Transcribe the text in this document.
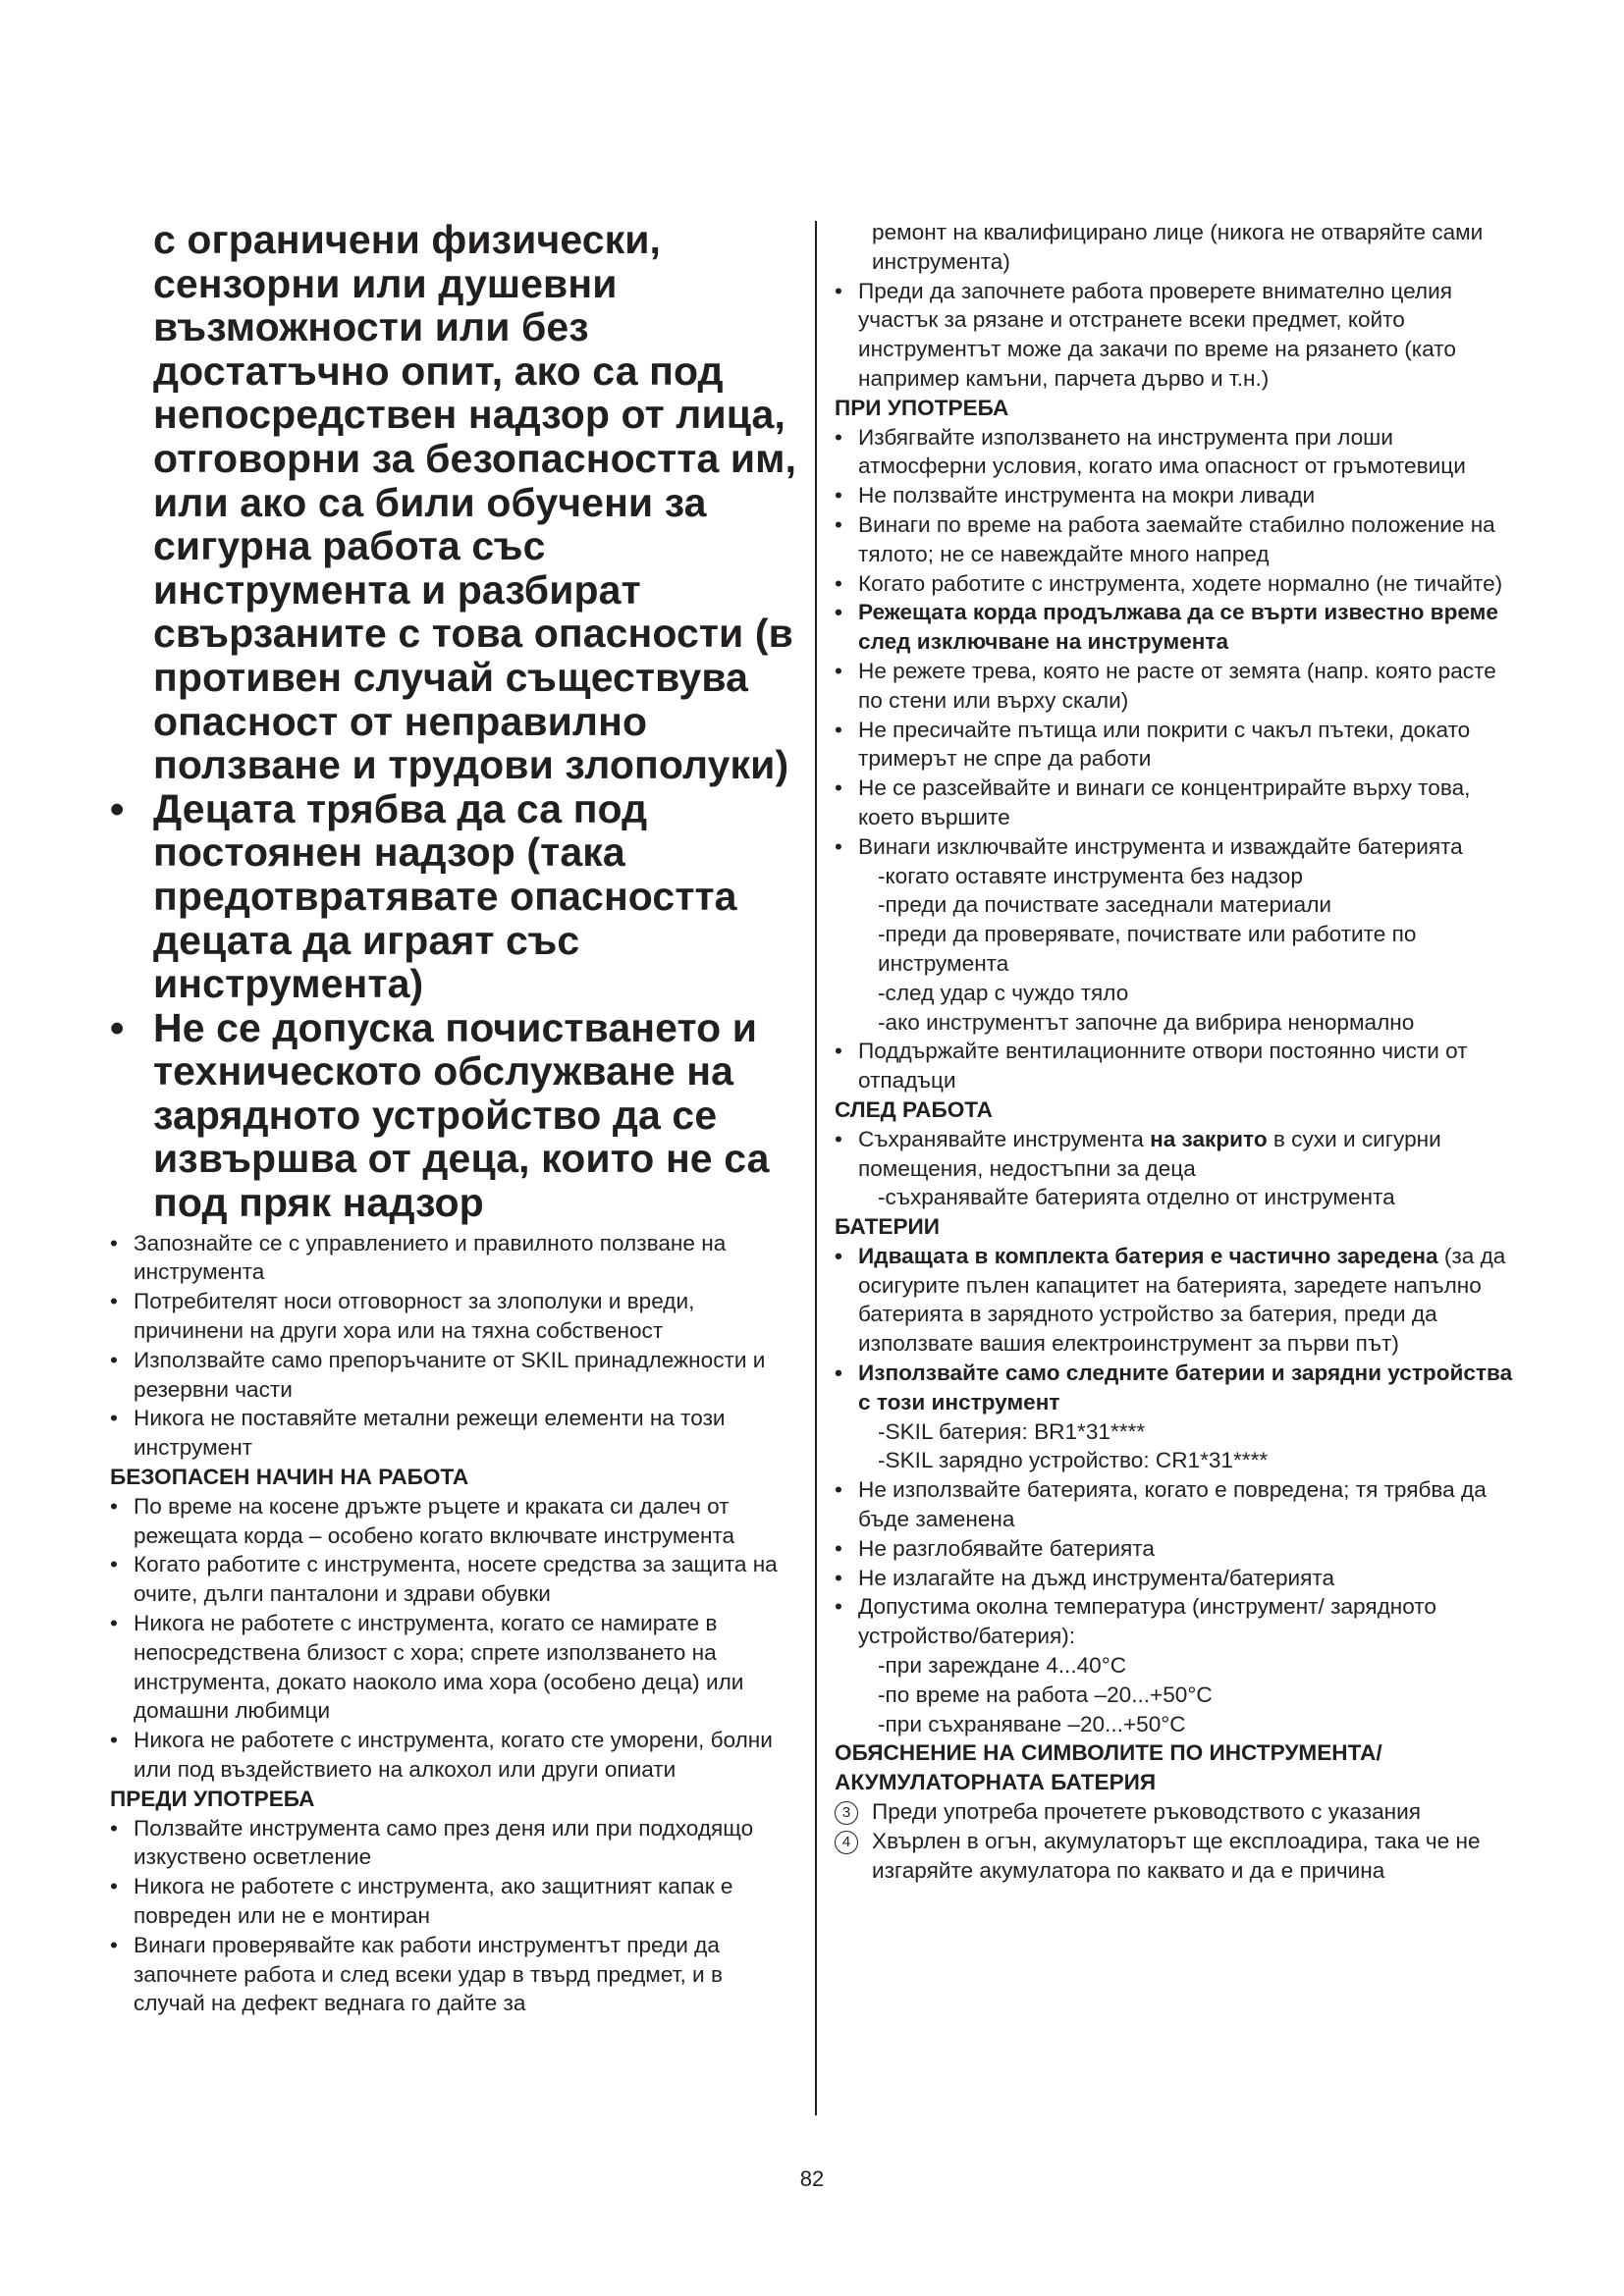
с ограничени физически, сензорни или душевни възможности или без достатъчно опит, ако са под непосредствен надзор от лица, отговорни за безопасността им, или ако са били обучени за сигурна работа със инструмента и разбират свързаните с това опасности (в противен случай съществува опасност от неправилно ползване и трудови злополуки)
• Децата трябва да са под постоянен надзор (така предотвратявате опасността децата да играят със инструмента)
• Не се допуска почистването и техническото обслужване на зарядното устройство да се извършва от деца, които не са под пряк надзор
• Запознайте се с управлението и правилното ползване на инструмента
• Потребителят носи отговорност за злополуки и вреди, причинени на други хора или на тяхна собственост
• Използвайте само препоръчаните от SKIL принадлежности и резервни части
• Никога не поставяйте метални режещи елементи на този инструмент

БЕЗОПАСЕН НАЧИН НА РАБОТА

• По време на косене дръжте ръцете и краката си далеч от режещата корда – особено когато включвате инструмента
• Когато работите с инструмента, носете средства за защита на очите, дълги панталони и здрави обувки
• Никога не работете с инструмента, когато се намирате в непосредствена близост с хора; спрете използването на инструмента, докато наоколо има хора (особено деца) или домашни любимци
• Никога не работете с инструмента, когато сте уморени, болни или под въздействието на алкохол или други опиати

ПРЕДИ УПОТРЕБА

• Ползвайте инструмента само през деня или при подходящо изкуствено осветление
• Никога не работете с инструмента, ако защитният капак е повреден или не е монтиран
• Винаги проверявайте как работи инструментът преди да започнете работа и след всеки удар в твърд предмет, и в случай на дефект веднага го дайте за

ремонт на квалифицирано лице (никога не отваряйте сами инструмента)

• Преди да започнете работа проверете внимателно целия участък за рязане и отстранете всеки предмет, който инструментът може да закачи по време на рязането (като например камъни, парчета дърво и т.н.)

ПРИ УПОТРЕБА

• Избягвайте използването на инструмента при лоши атмосферни условия, когато има опасност от гръмотевици
• Не ползвайте инструмента на мокри ливади
• Винаги по време на работа заемайте стабилно положение на тялото; не се навеждайте много напред
• Когато работите с инструмента, ходете нормално (не тичайте)
• Режещата корда продължава да се върти известно време след изключване на инструмента
• Не режете трева, която не расте от земята (напр. която расте по стени или върху скали)
• Не пресичайте пътища или покрити с чакъл пътеки, докато тримерът не спре да работи
• Не се разсейвайте и винаги се концентрирайте върху това, което вършите
• Винаги изключвайте инструмента и изваждайте батерията

-когато оставяте инструмента без надзор

-преди да почиствате заседнали материали

-преди да проверявате, почиствате или работите по инструмента

-след удар с чуждо тяло

-ако инструментът започне да вибрира ненормално

• Поддържайте вентилационните отвори постоянно чисти от отпадъци

СЛЕД РАБОТА

• Съхранявайте инструмента на закрито в сухи и сигурни помещения, недостъпни за деца

-съхранявайте батерията отделно от инструмента

БАТЕРИИ

• Идващата в комплекта батерия е частично заредена (за да осигурите пълен капацитет на батерията, заредете напълно батерията в зарядното устройство за батерия, преди да използвате вашия електроинструмент за първи път)
• Използвайте само следните батерии и зарядни устройства с този инструмент

-SKIL батерия: BR1*31****

-SKIL зарядно устройство: CR1*31****

• Не използвайте батерията, когато е повредена; тя трябва да бъде заменена
• Не разглобявайте батерията
• Не излагайте на дъжд инструмента/батерията
• Допустима околна температура (инструмент/ зарядното устройство/батерия):

-при зареждане 4...40°C

-по време на работа –20...+50°C

-при съхраняване –20...+50°C

ОБЯСНЕНИЕ НА СИМВОЛИТЕ ПО ИНСТРУМЕНТА/

АКУМУЛАТОРНАТА БАТЕРИЯ

3 Преди употреба прочетете ръководството с указания
4 Хвърлен в огън, акумулаторът ще експлоадира, така че не изгаряйте акумулатора по каквато и да е причина
82
